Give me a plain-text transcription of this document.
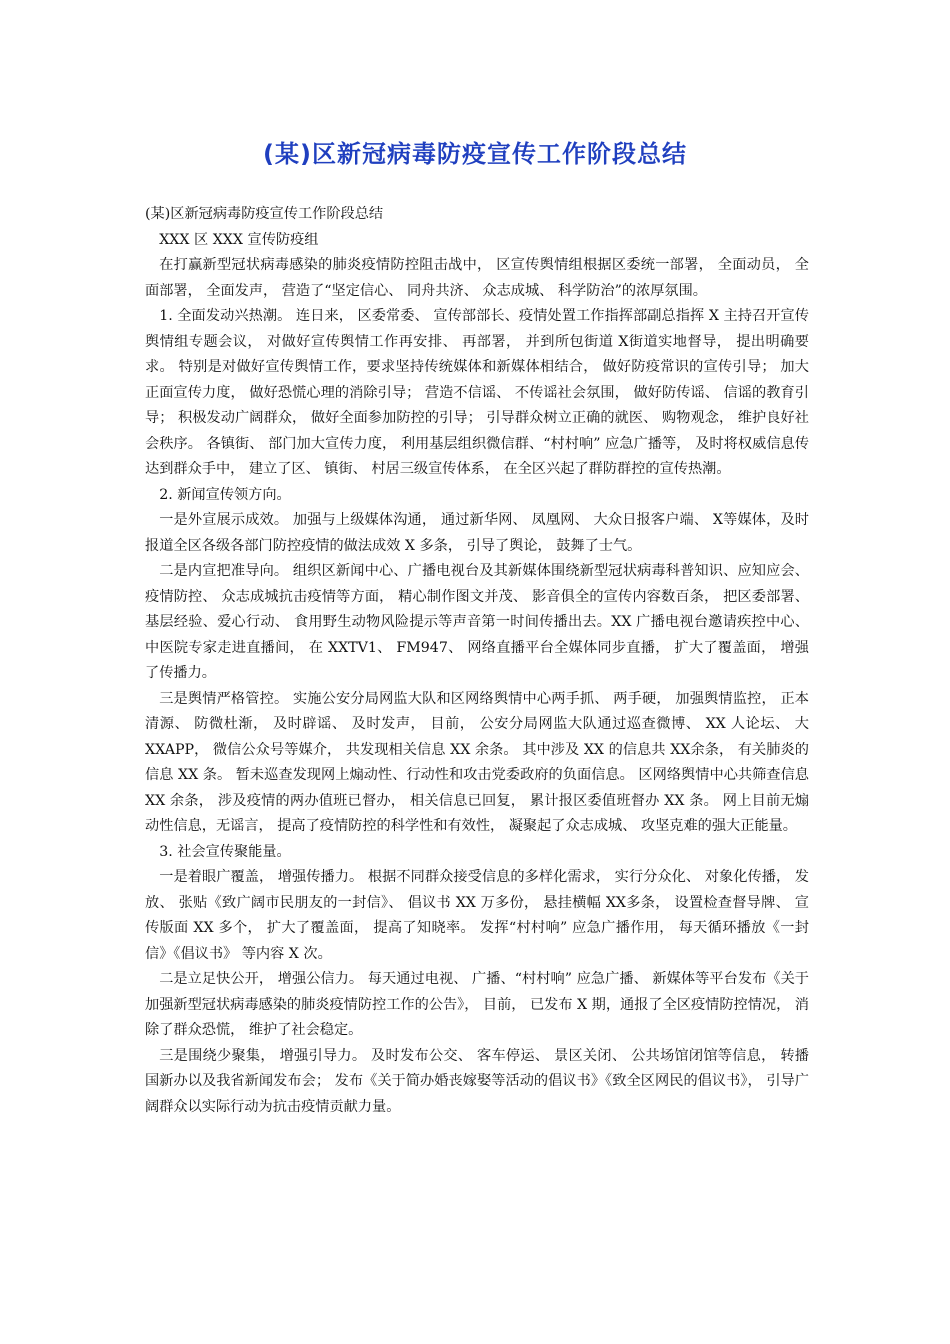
(某)区新冠病毒防疫宣传工作阶段总结

(某)区新冠病毒防疫宣传工作阶段总结

XXX 区 XXX 宣传防疫组

在打赢新型冠状病毒感染的肺炎疫情防控阻击战中， 区宣传舆情组根据区委统一部署， 全面动员， 全面部署， 全面发声， 营造了“坚定信心、 同舟共济、 众志成城、 科学防治”的浓厚氛围。

1. 全面发动兴热潮。 连日来， 区委常委、 宣传部部长、疫情处置工作指挥部副总指挥 X 主持召开宣传舆情组专题会议， 对做好宣传舆情工作再安排、 再部署， 并到所包街道 X街道实地督导， 提出明确要求。 特别是对做好宣传舆情工作，要求坚持传统媒体和新媒体相结合， 做好防疫常识的宣传引导； 加大正面宣传力度， 做好恐慌心理的消除引导； 营造不信谣、 不传谣社会氛围， 做好防传谣、 信谣的教育引导； 积极发动广阔群众， 做好全面参加防控的引导； 引导群众树立正确的就医、 购物观念， 维护良好社会秩序。 各镇街、 部门加大宣传力度， 利用基层组织微信群、“村村响” 应急广播等， 及时将权威信息传达到群众手中， 建立了区、 镇街、 村居三级宣传体系， 在全区兴起了群防群控的宣传热潮。

2. 新闻宣传领方向。

一是外宣展示成效。 加强与上级媒体沟通， 通过新华网、 凤凰网、 大众日报客户端、 X等媒体，及时报道全区各级各部门防控疫情的做法成效 X 多条， 引导了舆论， 鼓舞了士气。

二是内宣把准导向。 组织区新闻中心、广播电视台及其新媒体围绕新型冠状病毒科普知识、应知应会、 疫情防控、 众志成城抗击疫情等方面， 精心制作图文并茂、 影音俱全的宣传内容数百条， 把区委部署、 基层经验、爱心行动、 食用野生动物风险提示等声音第一时间传播出去。XX 广播电视台邀请疾控中心、 中医院专家走进直播间， 在 XXTV1、 FM947、 网络直播平台全媒体同步直播， 扩大了覆盖面， 增强了传播力。

三是舆情严格管控。 实施公安分局网监大队和区网络舆情中心两手抓、 两手硬， 加强舆情监控， 正本清源、 防微杜渐， 及时辟谣、 及时发声， 目前， 公安分局网监大队通过巡查微博、 XX 人论坛、 大 XXAPP， 微信公众号等媒介， 共发现相关信息 XX 余条。 其中涉及 XX 的信息共 XX余条， 有关肺炎的信息 XX 条。 暂未巡查发现网上煽动性、行动性和攻击党委政府的负面信息。 区网络舆情中心共筛查信息 XX 余条， 涉及疫情的两办值班已督办， 相关信息已回复， 累计报区委值班督办 XX 条。 网上目前无煽动性信息，无谣言， 提高了疫情防控的科学性和有效性， 凝聚起了众志成城、 攻坚克难的强大正能量。

3. 社会宣传聚能量。

一是着眼广覆盖， 增强传播力。 根据不同群众接受信息的多样化需求， 实行分众化、 对象化传播， 发放、 张贴《致广阔市民朋友的一封信》、 倡议书 XX 万多份， 悬挂横幅 XX多条， 设置检查督导牌、 宣传版面 XX 多个， 扩大了覆盖面， 提高了知晓率。 发挥“村村响” 应急广播作用， 每天循环播放《一封信》《倡议书》 等内容 X 次。

二是立足快公开， 增强公信力。 每天通过电视、 广播、“村村响” 应急广播、 新媒体等平台发布《关于加强新型冠状病毒感染的肺炎疫情防控工作的公告》， 目前， 已发布 X 期，通报了全区疫情防控情况， 消除了群众恐慌， 维护了社会稳定。

三是围绕少聚集， 增强引导力。 及时发布公交、 客车停运、 景区关闭、 公共场馆闭馆等信息， 转播国新办以及我省新闻发布会； 发布《关于简办婚丧嫁娶等活动的倡议书》《致全区网民的倡议书》， 引导广阔群众以实际行动为抗击疫情贡献力量。
